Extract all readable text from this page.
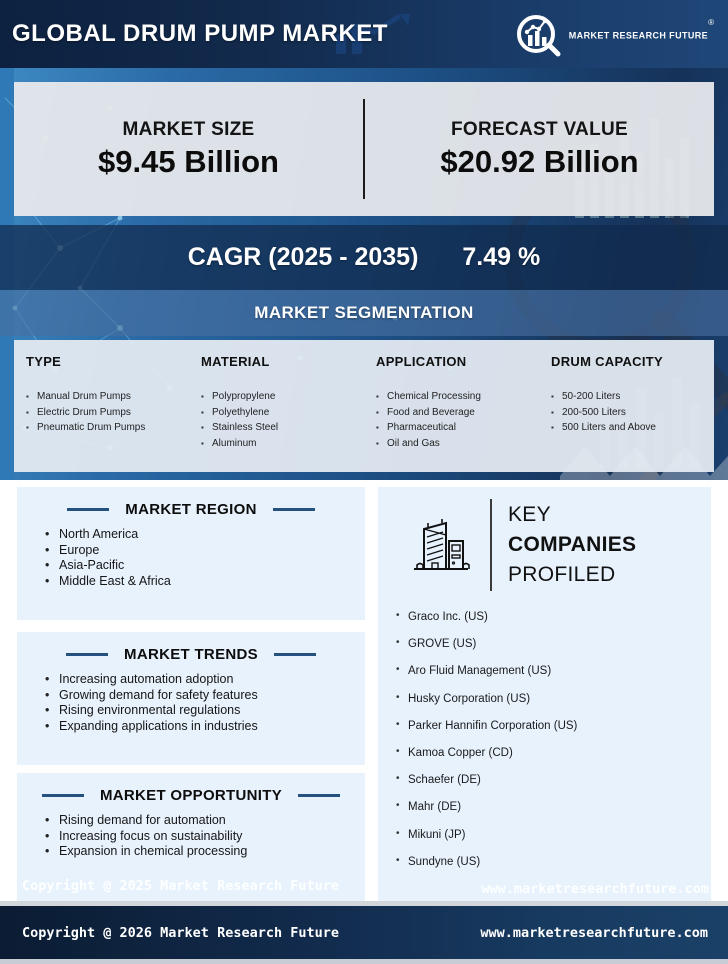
GLOBAL DRUM PUMP MARKET	MARKET RESEARCH FUTURE®
MARKET SIZE
$9.45 Billion
FORECAST VALUE
$20.92 Billion
CAGR (2025 - 2035) 7.49 %
MARKET SEGMENTATION
TYPE
▪ Manual Drum Pumps
▪ Electric Drum Pumps
▪ Pneumatic Drum Pumps
MATERIAL
▪ Polypropylene
▪ Polyethylene
▪ Stainless Steel
▪ Aluminum
APPLICATION
▪ Chemical Processing
▪ Food and Beverage
▪ Pharmaceutical
▪ Oil and Gas
DRUM CAPACITY
▪ 50-200 Liters
▪ 200-500 Liters
▪ 500 Liters and Above
MARKET REGION
• North America
• Europe
• Asia-Pacific
• Middle East & Africa
MARKET TRENDS
• Increasing automation adoption
• Growing demand for safety features
• Rising environmental regulations
• Expanding applications in industries
MARKET OPPORTUNITY
• Rising demand for automation
• Increasing focus on sustainability
• Expansion in chemical processing
KEY
COMPANIES
PROFILED
• Graco Inc. (US)
• GROVE (US)
• Aro Fluid Management (US)
• Husky Corporation (US)
• Parker Hannifin Corporation (US)
• Kamoa Copper (CD)
• Schaefer (DE)
• Mahr (DE)
• Mikuni (JP)
• Sundyne (US)
Copyright @ 2025 Market Research Future	www.marketresearchfuture.com
Copyright @ 2026 Market Research Future	www.marketresearchfuture.com
